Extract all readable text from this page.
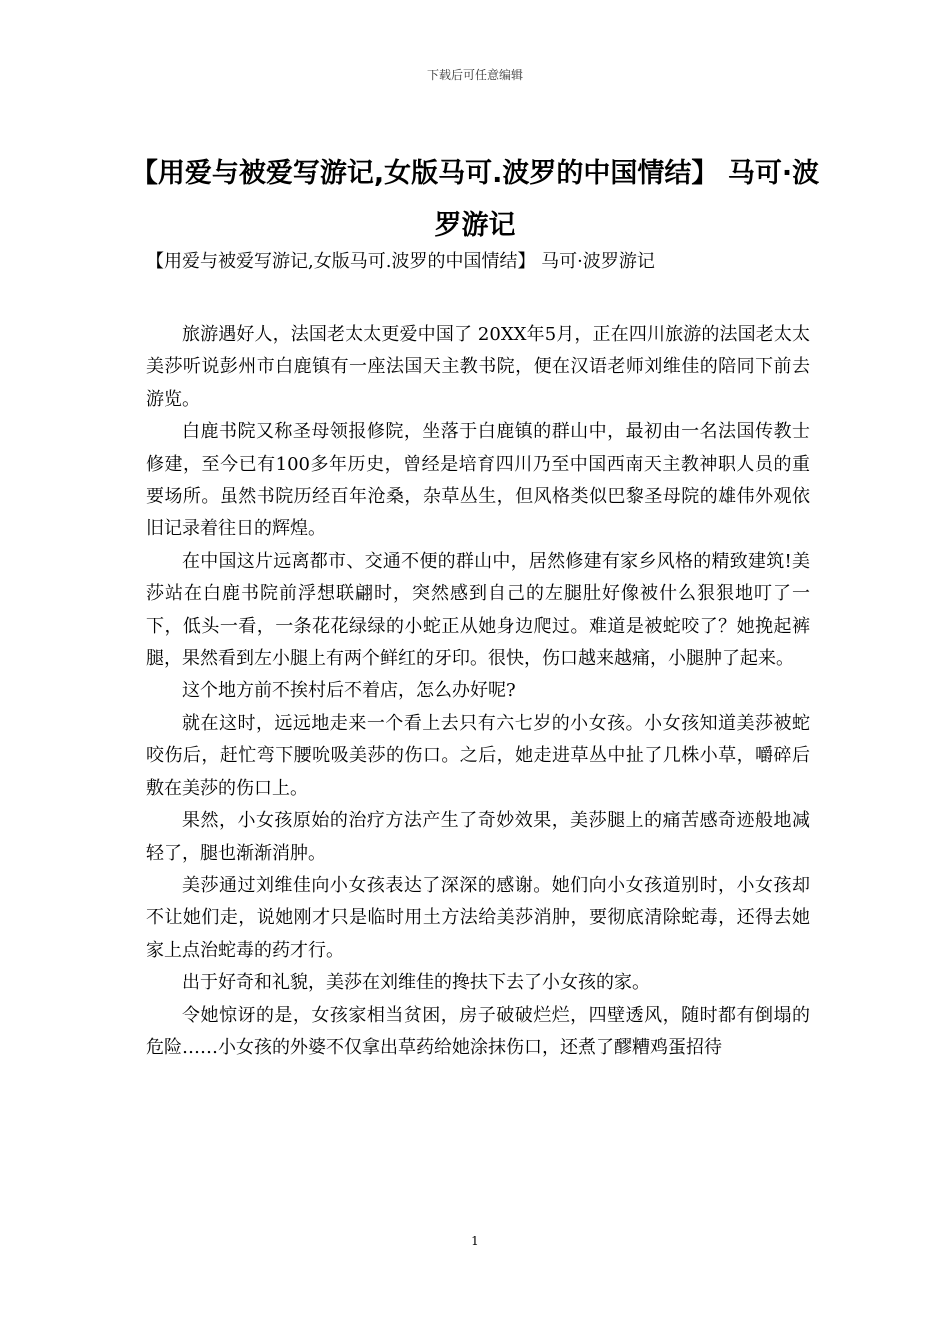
下载后可任意编辑
【用爱与被爱写游记,女版马可.波罗的中国情结】 马可·波罗游记

【用爱与被爱写游记,女版马可.波罗的中国情结】 马可·波罗游记

旅游遇好人，法国老太太更爱中国了 20XX年5月，正在四川旅游的法国老太太美莎听说彭州市白鹿镇有一座法国天主教书院，便在汉语老师刘维佳的陪同下前去游览。

白鹿书院又称圣母领报修院，坐落于白鹿镇的群山中，最初由一名法国传教士修建，至今已有100多年历史，曾经是培育四川乃至中国西南天主教神职人员的重要场所。虽然书院历经百年沧桑，杂草丛生，但风格类似巴黎圣母院的雄伟外观依旧记录着往日的辉煌。

在中国这片远离都市、交通不便的群山中，居然修建有家乡风格的精致建筑!美莎站在白鹿书院前浮想联翩时，突然感到自己的左腿肚好像被什么狠狠地叮了一下，低头一看，一条花花绿绿的小蛇正从她身边爬过。难道是被蛇咬了？她挽起裤腿，果然看到左小腿上有两个鲜红的牙印。很快，伤口越来越痛，小腿肿了起来。

这个地方前不挨村后不着店，怎么办好呢?

就在这时，远远地走来一个看上去只有六七岁的小女孩。小女孩知道美莎被蛇咬伤后，赶忙弯下腰吮吸美莎的伤口。之后，她走进草丛中扯了几株小草，嚼碎后敷在美莎的伤口上。

果然，小女孩原始的治疗方法产生了奇妙效果，美莎腿上的痛苦感奇迹般地减轻了，腿也渐渐消肿。

美莎通过刘维佳向小女孩表达了深深的感谢。她们向小女孩道别时，小女孩却不让她们走，说她刚才只是临时用土方法给美莎消肿，要彻底清除蛇毒，还得去她家上点治蛇毒的药才行。

出于好奇和礼貌，美莎在刘维佳的搀扶下去了小女孩的家。

令她惊讶的是，女孩家相当贫困，房子破破烂烂，四壁透风，随时都有倒塌的危险……小女孩的外婆不仅拿出草药给她涂抹伤口，还煮了醪糟鸡蛋招待

1
